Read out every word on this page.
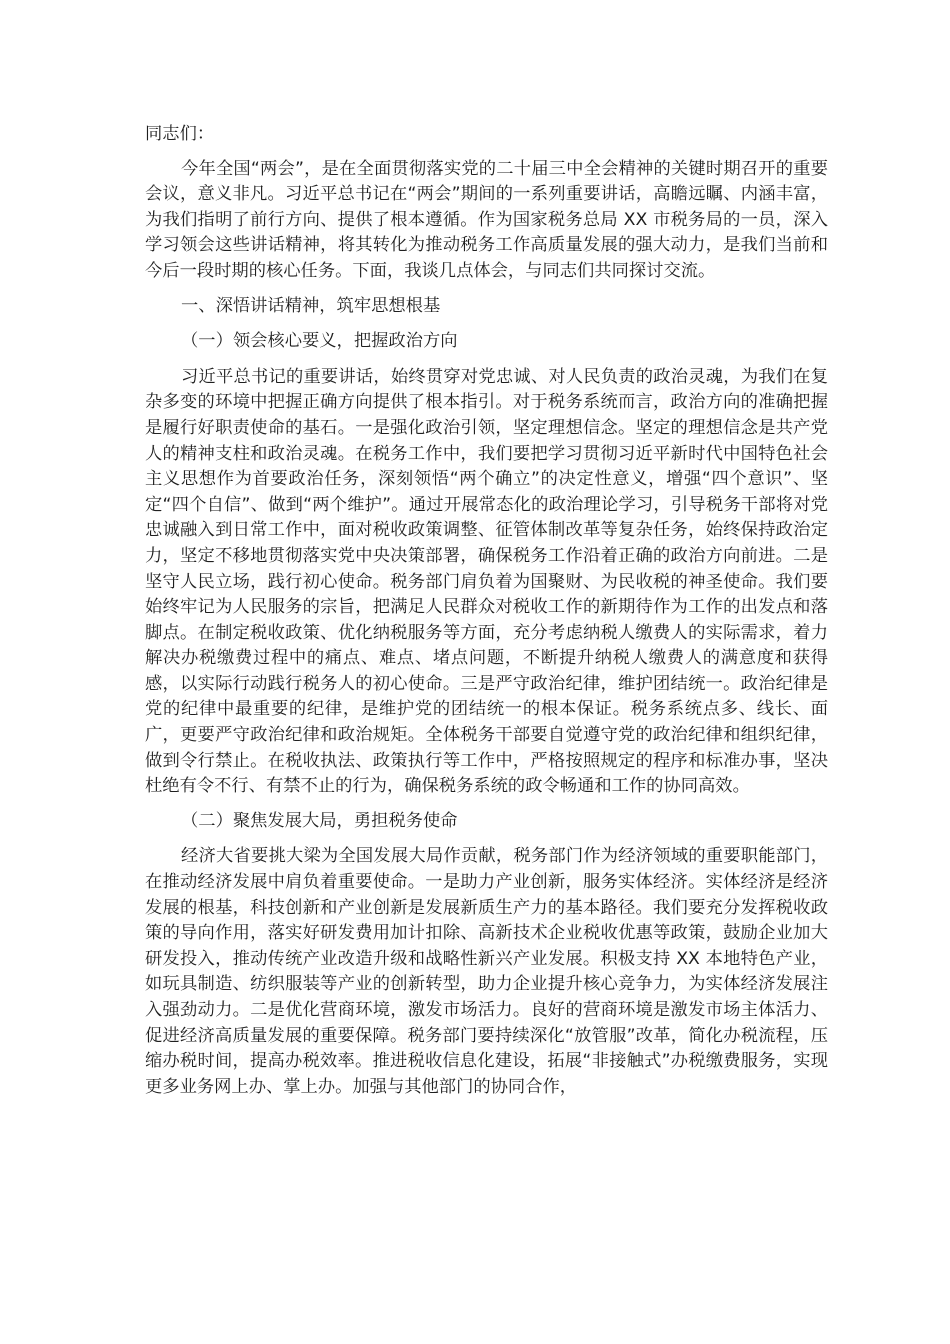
同志们：

今年全国“两会”，是在全面贯彻落实党的二十届三中全会精神的关键时期召开的重要会议，意义非凡。习近平总书记在“两会”期间的一系列重要讲话，高瞻远瞩、内涵丰富，为我们指明了前行方向、提供了根本遵循。作为国家税务总局 XX 市税务局的一员，深入学习领会这些讲话精神，将其转化为推动税务工作高质量发展的强大动力，是我们当前和今后一段时期的核心任务。下面，我谈几点体会，与同志们共同探讨交流。

一、深悟讲话精神，筑牢思想根基

（一）领会核心要义，把握政治方向

习近平总书记的重要讲话，始终贯穿对党忠诚、对人民负责的政治灵魂，为我们在复杂多变的环境中把握正确方向提供了根本指引。对于税务系统而言，政治方向的准确把握是履行好职责使命的基石。一是强化政治引领，坚定理想信念。坚定的理想信念是共产党人的精神支柱和政治灵魂。在税务工作中，我们要把学习贯彻习近平新时代中国特色社会主义思想作为首要政治任务，深刻领悟“两个确立”的决定性意义，增强“四个意识”、坚定“四个自信”、做到“两个维护”。通过开展常态化的政治理论学习，引导税务干部将对党忠诚融入到日常工作中，面对税收政策调整、征管体制改革等复杂任务，始终保持政治定力，坚定不移地贯彻落实党中央决策部署，确保税务工作沿着正确的政治方向前进。二是坚守人民立场，践行初心使命。税务部门肩负着为国聚财、为民收税的神圣使命。我们要始终牢记为人民服务的宗旨，把满足人民群众对税收工作的新期待作为工作的出发点和落脚点。在制定税收政策、优化纳税服务等方面，充分考虑纳税人缴费人的实际需求，着力解决办税缴费过程中的痛点、难点、堵点问题，不断提升纳税人缴费人的满意度和获得感，以实际行动践行税务人的初心使命。三是严守政治纪律，维护团结统一。政治纪律是党的纪律中最重要的纪律，是维护党的团结统一的根本保证。税务系统点多、线长、面广，更要严守政治纪律和政治规矩。全体税务干部要自觉遵守党的政治纪律和组织纪律，做到令行禁止。在税收执法、政策执行等工作中，严格按照规定的程序和标准办事，坚决杜绝有令不行、有禁不止的行为，确保税务系统的政令畅通和工作的协同高效。

（二）聚焦发展大局，勇担税务使命

经济大省要挑大梁为全国发展大局作贡献，税务部门作为经济领域的重要职能部门，在推动经济发展中肩负着重要使命。一是助力产业创新，服务实体经济。实体经济是经济发展的根基，科技创新和产业创新是发展新质生产力的基本路径。我们要充分发挥税收政策的导向作用，落实好研发费用加计扣除、高新技术企业税收优惠等政策，鼓励企业加大研发投入，推动传统产业改造升级和战略性新兴产业发展。积极支持 XX 本地特色产业，如玩具制造、纺织服装等产业的创新转型，助力企业提升核心竞争力，为实体经济发展注入强劲动力。二是优化营商环境，激发市场活力。良好的营商环境是激发市场主体活力、促进经济高质量发展的重要保障。税务部门要持续深化“放管服”改革，简化办税流程，压缩办税时间，提高办税效率。推进税收信息化建设，拓展“非接触式”办税缴费服务，实现更多业务网上办、掌上办。加强与其他部门的协同合作，
